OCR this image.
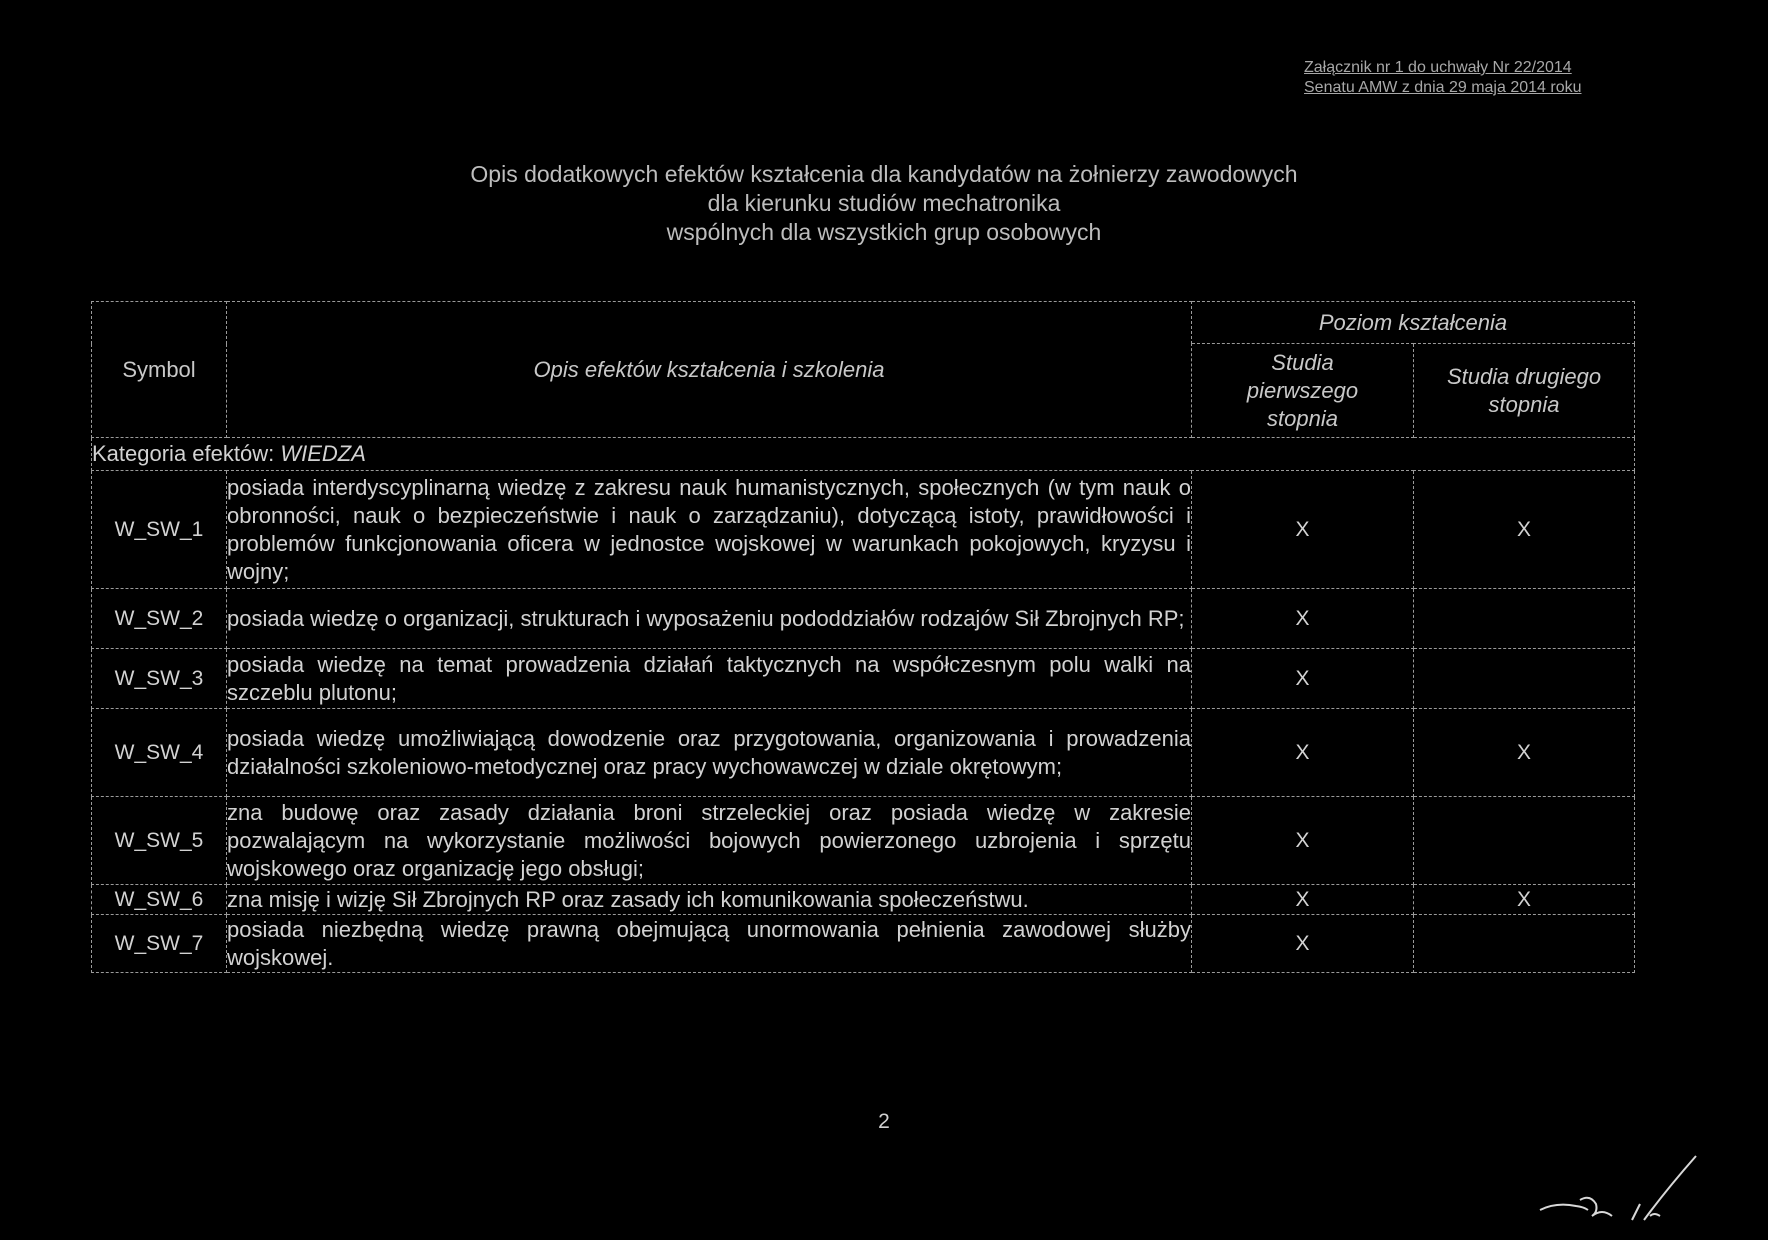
Załącznik nr 1 do uchwały Nr 22/2014
Senatu AMW z dnia 29 maja 2014 roku
Opis dodatkowych efektów kształcenia dla kandydatów na żołnierzy zawodowych
dla kierunku studiów mechatronika
wspólnych dla wszystkich grup osobowych
Symbol	Opis efektów kształcenia i szkolenia	Poziom kształcenia	
		Studia pierwszego stopnia	Studia drugiego stopnia
Kategoria efektów: WIEDZA			
W_SW_1	posiada interdyscyplinarną wiedzę z zakresu nauk humanistycznych, społecznych (w tym nauk o obronności, nauk o bezpieczeństwie i nauk o zarządzaniu), dotyczącą istoty, prawidłowości i problemów funkcjonowania oficera w jednostce wojskowej w warunkach pokojowych, kryzysu i wojny;	X	X
W_SW_2	posiada wiedzę o organizacji, strukturach i wyposażeniu pododdziałów rodzajów Sił Zbrojnych RP;	X	
W_SW_3	posiada wiedzę na temat prowadzenia działań taktycznych na współczesnym polu walki na szczeblu plutonu;	X	
W_SW_4	posiada wiedzę umożliwiającą dowodzenie oraz przygotowania, organizowania i prowadzenia działalności szkoleniowo-metodycznej oraz pracy wychowawczej w dziale okrętowym;	X	X
W_SW_5	zna budowę oraz zasady działania broni strzeleckiej oraz posiada wiedzę w zakresie pozwalającym na wykorzystanie możliwości bojowych powierzonego uzbrojenia i sprzętu wojskowego oraz organizację jego obsługi;	X	
W_SW_6	zna misję i wizję Sił Zbrojnych RP oraz zasady ich komunikowania społeczeństwu.	X	X
W_SW_7	posiada niezbędną wiedzę prawną obejmującą unormowania pełnienia zawodowej służby wojskowej.	X	
2
